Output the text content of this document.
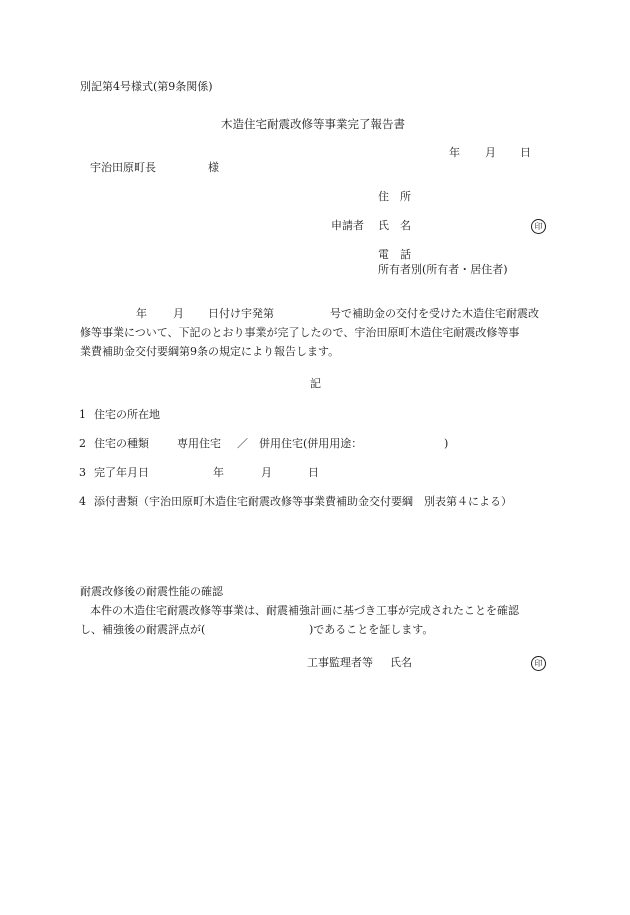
別記第4号様式(第9条関係)
木造住宅耐震改修等事業完了報告書
年 月 日
宇治田原町長	様
住　所
申請者 氏　名	印
電　話
所有者別(所有者・居住者)
年 月 日付け宇発第	号で補助金の交付を受けた木造住宅耐震改
修等事業について、下記のとおり事業が完了したので、宇治田原町木造住宅耐震改修等事
業費補助金交付要綱第9条の規定により報告します。
記
1 住宅の所在地
2 住宅の種類	専用住宅 ／ 併用住宅(併用用途：	)
3 完了年月日	年	月	日
4 添付書類（宇治田原町木造住宅耐震改修等事業費補助金交付要綱　別表第４による）
耐震改修後の耐震性能の確認
本件の木造住宅耐震改修等事業は、耐震補強計画に基づき工事が完成されたことを確認
し、補強後の耐震評点が(	)であることを証します。
工事監理者等 氏名	印
